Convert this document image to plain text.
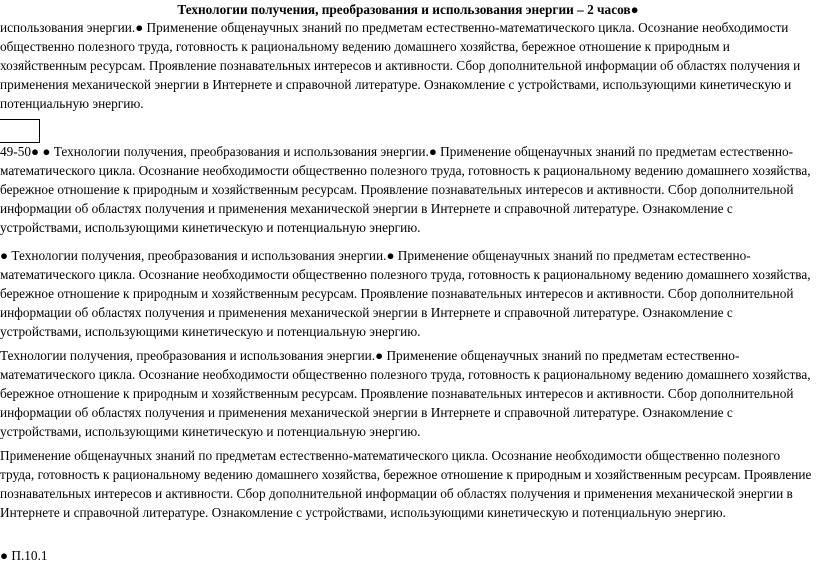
Технологии получения, преобразования и использования энергии – 2 часов●

использования энергии.● Применение общенаучных знаний по предметам естественно-математического цикла. Осознание необходимости общественно полезного труда, готовность к рациональному ведению домашнего хозяйства, бережное отношение к природным и хозяйственным ресурсам. Проявление познавательных интересов и активности. Сбор дополнительной информации об областях получения и применения механической энергии в Интернете и справочной литературе. Ознакомление с устройствами, использующими кинетическую и потенциальную энергию.

49-50● ● Технологии получения, преобразования и использования энергии.● Применение общенаучных знаний по предметам естественно-математического цикла. Осознание необходимости общественно полезного труда, готовность к рациональному ведению домашнего хозяйства, бережное отношение к природным и хозяйственным ресурсам. Проявление познавательных интересов и активности. Сбор дополнительной информации об областях получения и применения механической энергии в Интернете и справочной литературе. Ознакомление с устройствами, использующими кинетическую и потенциальную энергию.

● Технологии получения, преобразования и использования энергии.● Применение общенаучных знаний по предметам естественно-математического цикла. Осознание необходимости общественно полезного труда, готовность к рациональному ведению домашнего хозяйства, бережное отношение к природным и хозяйственным ресурсам. Проявление познавательных интересов и активности. Сбор дополнительной информации об областях получения и применения механической энергии в Интернете и справочной литературе. Ознакомление с устройствами, использующими кинетическую и потенциальную энергию.

Технологии получения, преобразования и использования энергии.● Применение общенаучных знаний по предметам естественно-математического цикла. Осознание необходимости общественно полезного труда, готовность к рациональному ведению домашнего хозяйства, бережное отношение к природным и хозяйственным ресурсам. Проявление познавательных интересов и активности. Сбор дополнительной информации об областях получения и применения механической энергии в Интернете и справочной литературе. Ознакомление с устройствами, использующими кинетическую и потенциальную энергию.

Применение общенаучных знаний по предметам естественно-математического цикла. Осознание необходимости общественно полезного труда, готовность к рациональному ведению домашнего хозяйства, бережное отношение к природным и хозяйственным ресурсам. Проявление познавательных интересов и активности. Сбор дополнительной информации об областях получения и применения механической энергии в Интернете и справочной литературе. Ознакомление с устройствами, использующими кинетическую и потенциальную энергию.

● П.10.1
